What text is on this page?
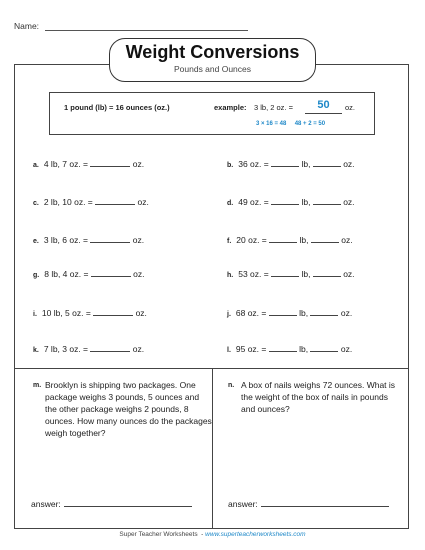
Name:
Weight Conversions
Pounds and Ounces
1 pound (lb) = 16 ounces (oz.)	example: 3 lb, 2 oz. =	50	oz.
3 × 16 = 48     48 + 2 = 50
a. 4 lb, 7 oz. =	oz.
c. 2 lb, 10 oz. =	oz.
e. 3 lb, 6 oz. =	oz.
g. 8 lb, 4 oz. =	oz.
i. 10 lb, 5 oz. =	oz.
k. 7 lb, 3 oz. =	oz.
b. 36 oz. =	lb,	oz.
d. 49 oz. =	lb,	oz.
f. 20 oz. =	lb,	oz.
h. 53 oz. =	lb,	oz.
j. 68 oz. =	lb,	oz.
l. 95 oz. =	lb,	oz.
m. Brooklyn is shipping two packages. One package weighs 3 pounds, 5 ounces and the other package weighs 2 pounds, 8 ounces. How many ounces do the packages weigh together?
answer:
n. A box of nails weighs 72 ounces. What is the weight of the box of nails in pounds and ounces?
answer:
Super Teacher Worksheets  - www.superteacherworksheets.com
